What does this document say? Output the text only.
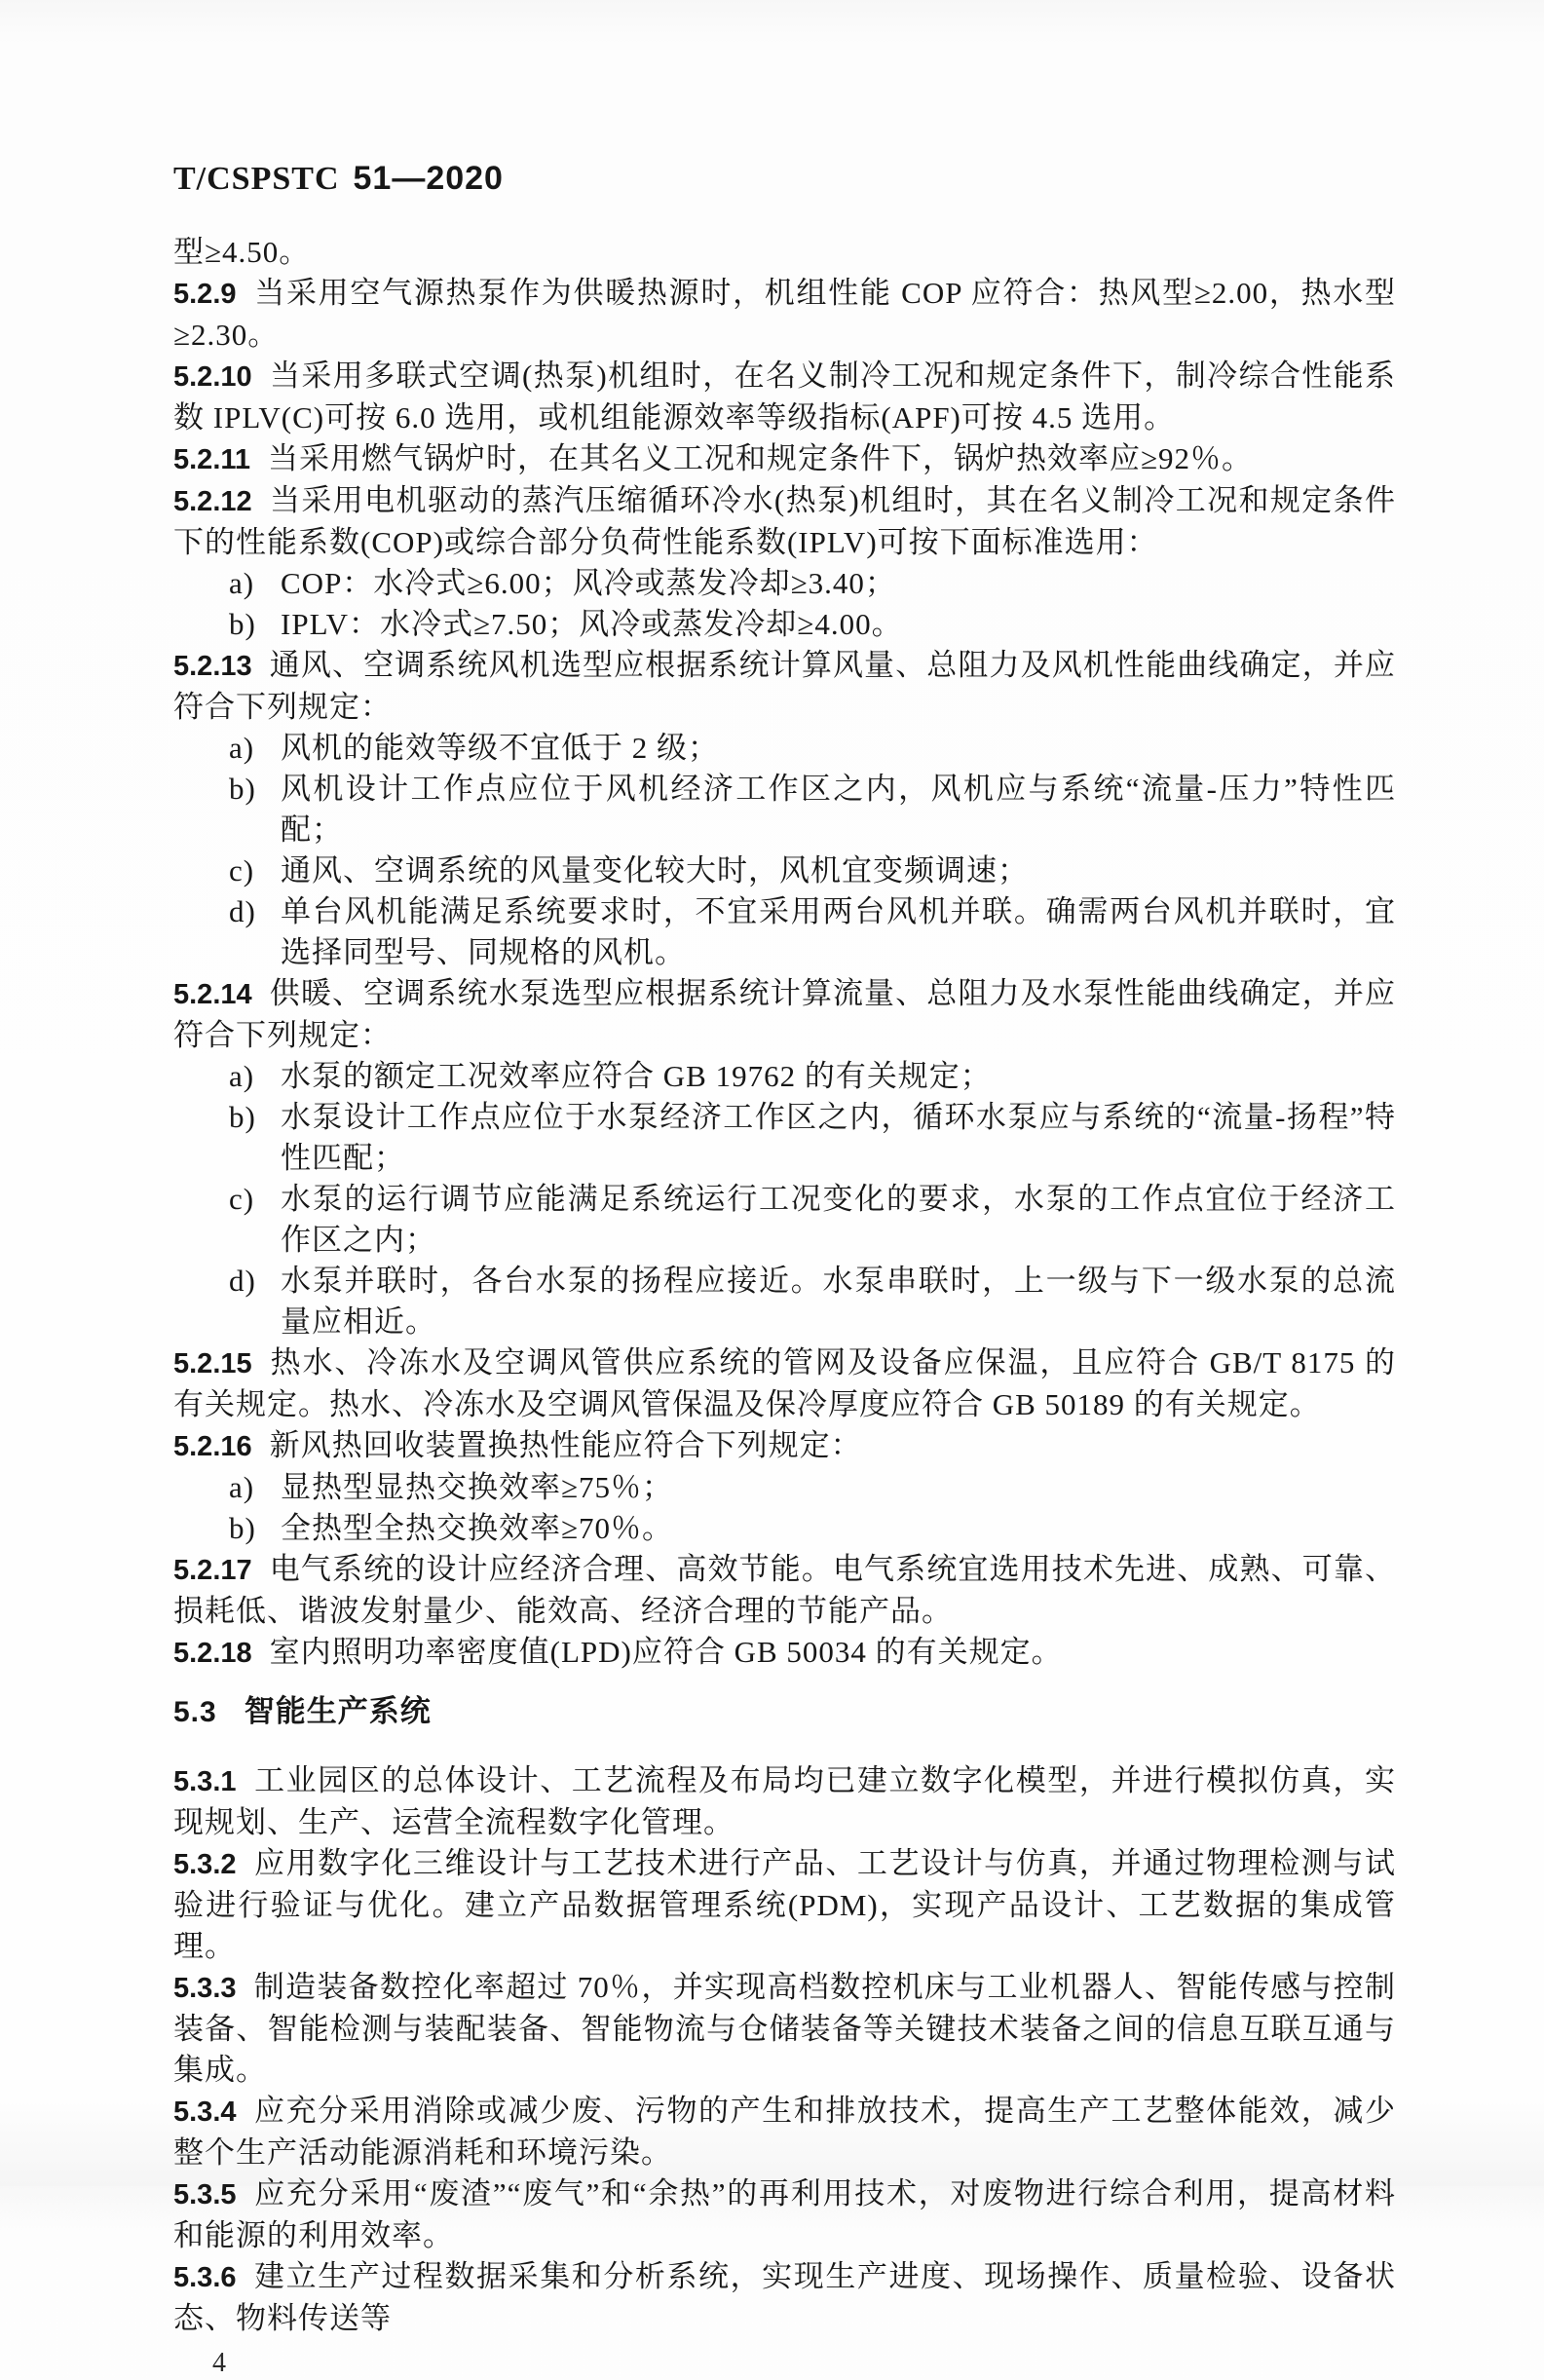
T/CSPSTC 51—2020

型≥4.50。

5.2.9 当采用空气源热泵作为供暖热源时，机组性能 COP 应符合：热风型≥2.00，热水型≥2.30。

5.2.10 当采用多联式空调(热泵)机组时，在名义制冷工况和规定条件下，制冷综合性能系数 IPLV(C)可按 6.0 选用，或机组能源效率等级指标(APF)可按 4.5 选用。

5.2.11 当采用燃气锅炉时，在其名义工况和规定条件下，锅炉热效率应≥92％。

5.2.12 当采用电机驱动的蒸汽压缩循环冷水(热泵)机组时，其在名义制冷工况和规定条件下的性能系数(COP)或综合部分负荷性能系数(IPLV)可按下面标准选用：

a) COP：水冷式≥6.00；风冷或蒸发冷却≥3.40；

b) IPLV：水冷式≥7.50；风冷或蒸发冷却≥4.00。

5.2.13 通风、空调系统风机选型应根据系统计算风量、总阻力及风机性能曲线确定，并应符合下列规定：

a) 风机的能效等级不宜低于 2 级；

b) 风机设计工作点应位于风机经济工作区之内，风机应与系统“流量-压力”特性匹配；

c) 通风、空调系统的风量变化较大时，风机宜变频调速；

d) 单台风机能满足系统要求时，不宜采用两台风机并联。确需两台风机并联时，宜选择同型号、同规格的风机。

5.2.14 供暖、空调系统水泵选型应根据系统计算流量、总阻力及水泵性能曲线确定，并应符合下列规定：

a) 水泵的额定工况效率应符合 GB 19762 的有关规定；

b) 水泵设计工作点应位于水泵经济工作区之内，循环水泵应与系统的“流量-扬程”特性匹配；

c) 水泵的运行调节应能满足系统运行工况变化的要求，水泵的工作点宜位于经济工作区之内；

d) 水泵并联时，各台水泵的扬程应接近。水泵串联时，上一级与下一级水泵的总流量应相近。

5.2.15 热水、冷冻水及空调风管供应系统的管网及设备应保温，且应符合 GB/T 8175 的有关规定。热水、冷冻水及空调风管保温及保冷厚度应符合 GB 50189 的有关规定。

5.2.16 新风热回收装置换热性能应符合下列规定：

a) 显热型显热交换效率≥75％；

b) 全热型全热交换效率≥70％。

5.2.17 电气系统的设计应经济合理、高效节能。电气系统宜选用技术先进、成熟、可靠、损耗低、谐波发射量少、能效高、经济合理的节能产品。

5.2.18 室内照明功率密度值(LPD)应符合 GB 50034 的有关规定。

5.3 智能生产系统

5.3.1 工业园区的总体设计、工艺流程及布局均已建立数字化模型，并进行模拟仿真，实现规划、生产、运营全流程数字化管理。

5.3.2 应用数字化三维设计与工艺技术进行产品、工艺设计与仿真，并通过物理检测与试验进行验证与优化。建立产品数据管理系统(PDM)，实现产品设计、工艺数据的集成管理。

5.3.3 制造装备数控化率超过 70％，并实现高档数控机床与工业机器人、智能传感与控制装备、智能检测与装配装备、智能物流与仓储装备等关键技术装备之间的信息互联互通与集成。

5.3.4 应充分采用消除或减少废、污物的产生和排放技术，提高生产工艺整体能效，减少整个生产活动能源消耗和环境污染。

5.3.5 应充分采用“废渣”“废气”和“余热”的再利用技术，对废物进行综合利用，提高材料和能源的利用效率。

5.3.6 建立生产过程数据采集和分析系统，实现生产进度、现场操作、质量检验、设备状态、物料传送等

4
